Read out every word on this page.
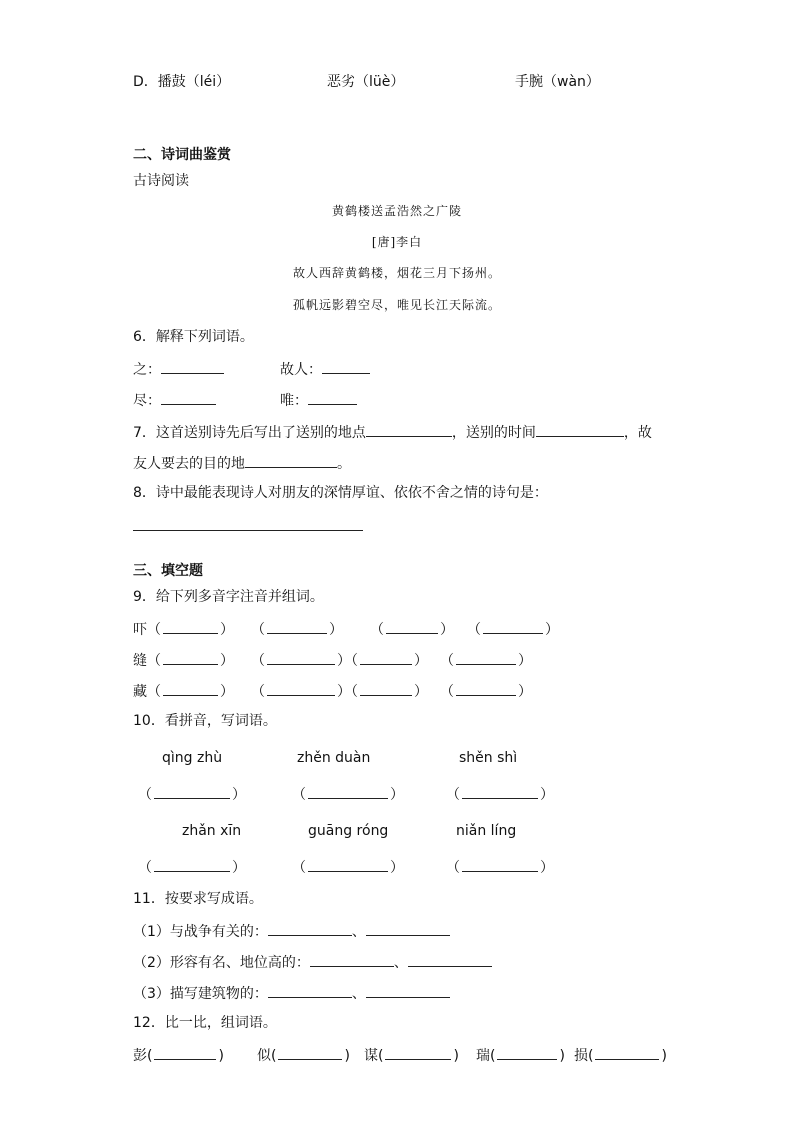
D．播鼓（léi）	恶劣（lüè）	手腕（wàn）
二、诗词曲鉴赏
古诗阅读
黄鹤楼送孟浩然之广陵
[唐]李白
故人西辞黄鹤楼，烟花三月下扬州。
孤帆远影碧空尽，唯见长江天际流。
6．解释下列词语。
之：	故人：
尽：	唯：
7．这首送别诗先后写出了送别的地点	，送别的时间	，故
友人要去的目的地	。
8．诗中最能表现诗人对朋友的深情厚谊、依依不舍之情的诗句是：
三、填空题
9．给下列多音字注音并组词。
吓（	） （	） （	） （	）
缝（	） （	）（	） （	）
藏（	） （	）（	） （	）
10．看拼音，写词语。
qìng zhù	zhěn duàn	shěn shì
（	）	（	）	（	）
zhǎn xīn	guāng róng	niǎn líng
（	）	（	）	（	）
11．按要求写成语。
（1）与战争有关的：	、
（2）形容有名、地位高的：	、
（3）描写建筑物的：	、
12．比一比，组词语。
彭(	) 似(	) 谋(	) 瑞(	) 损(	)
